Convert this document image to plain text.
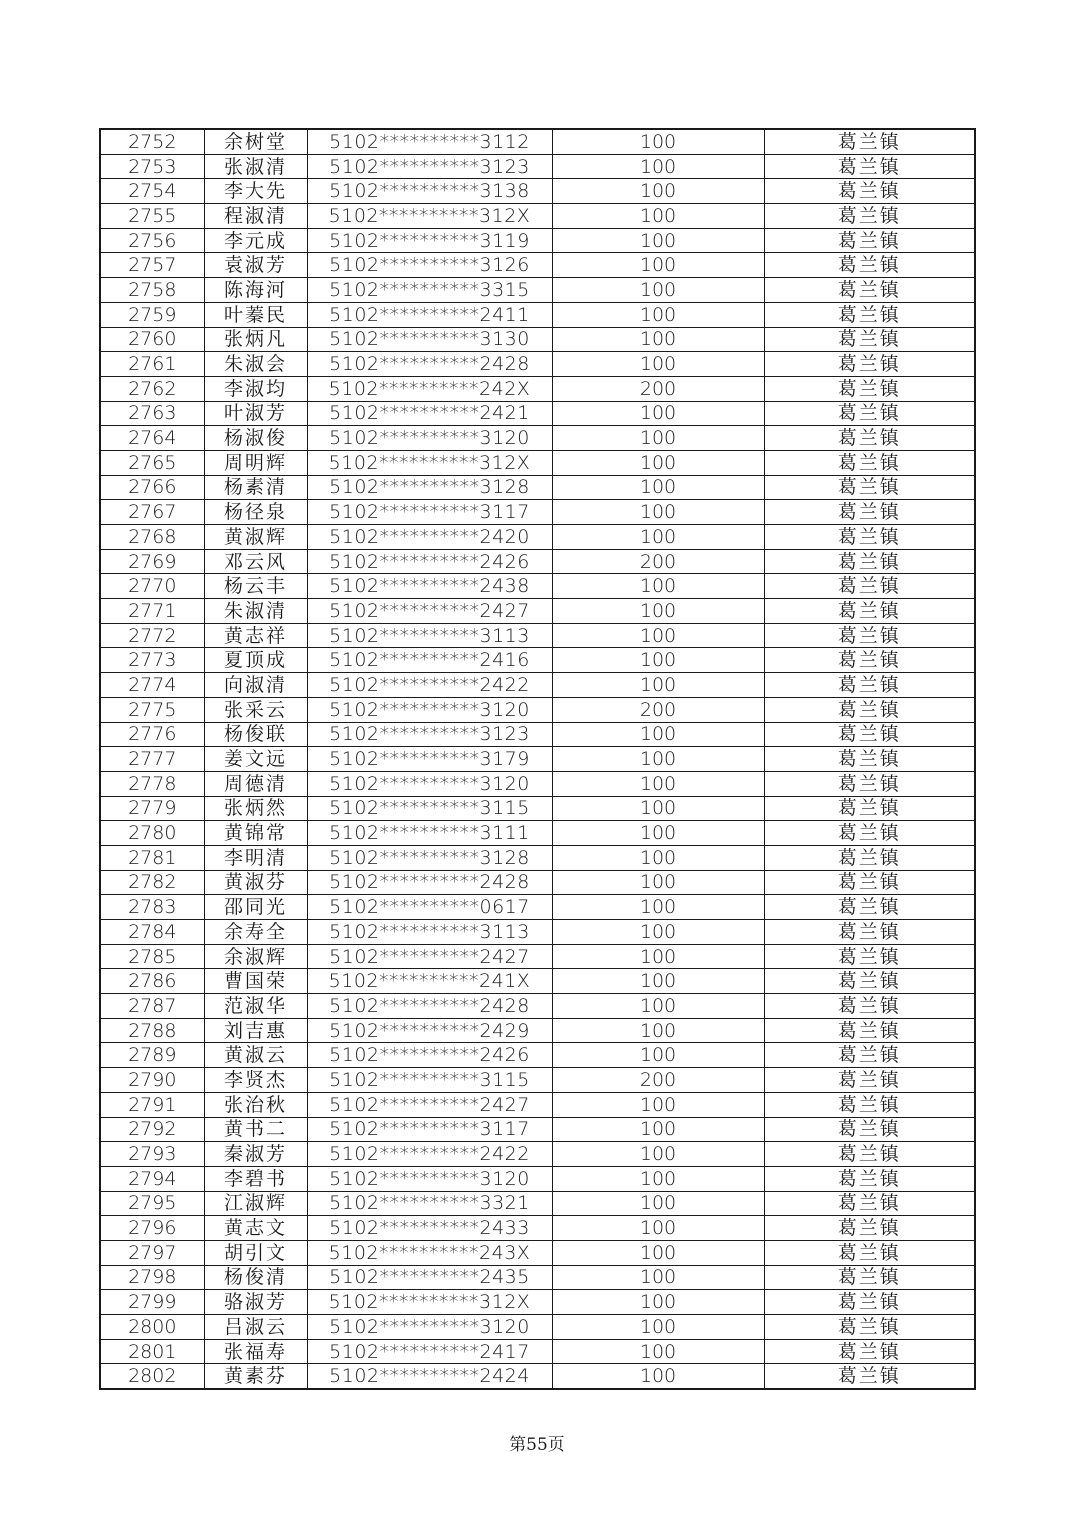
2752	余树堂	5102**********3112	100	葛兰镇
2753	张淑清	5102**********3123	100	葛兰镇
2754	李大先	5102**********3138	100	葛兰镇
2755	程淑清	5102**********312X	100	葛兰镇
2756	李元成	5102**********3119	100	葛兰镇
2757	袁淑芳	5102**********3126	100	葛兰镇
2758	陈海河	5102**********3315	100	葛兰镇
2759	叶蓁民	5102**********2411	100	葛兰镇
2760	张炳凡	5102**********3130	100	葛兰镇
2761	朱淑会	5102**********2428	100	葛兰镇
2762	李淑均	5102**********242X	200	葛兰镇
2763	叶淑芳	5102**********2421	100	葛兰镇
2764	杨淑俊	5102**********3120	100	葛兰镇
2765	周明辉	5102**********312X	100	葛兰镇
2766	杨素清	5102**********3128	100	葛兰镇
2767	杨径泉	5102**********3117	100	葛兰镇
2768	黄淑辉	5102**********2420	100	葛兰镇
2769	邓云风	5102**********2426	200	葛兰镇
2770	杨云丰	5102**********2438	100	葛兰镇
2771	朱淑清	5102**********2427	100	葛兰镇
2772	黄志祥	5102**********3113	100	葛兰镇
2773	夏顶成	5102**********2416	100	葛兰镇
2774	向淑清	5102**********2422	100	葛兰镇
2775	张采云	5102**********3120	200	葛兰镇
2776	杨俊联	5102**********3123	100	葛兰镇
2777	姜文远	5102**********3179	100	葛兰镇
2778	周德清	5102**********3120	100	葛兰镇
2779	张炳然	5102**********3115	100	葛兰镇
2780	黄锦常	5102**********3111	100	葛兰镇
2781	李明清	5102**********3128	100	葛兰镇
2782	黄淑芬	5102**********2428	100	葛兰镇
2783	邵同光	5102**********0617	100	葛兰镇
2784	余寿全	5102**********3113	100	葛兰镇
2785	余淑辉	5102**********2427	100	葛兰镇
2786	曹国荣	5102**********241X	100	葛兰镇
2787	范淑华	5102**********2428	100	葛兰镇
2788	刘吉惠	5102**********2429	100	葛兰镇
2789	黄淑云	5102**********2426	100	葛兰镇
2790	李贤杰	5102**********3115	200	葛兰镇
2791	张治秋	5102**********2427	100	葛兰镇
2792	黄书二	5102**********3117	100	葛兰镇
2793	秦淑芳	5102**********2422	100	葛兰镇
2794	李碧书	5102**********3120	100	葛兰镇
2795	江淑辉	5102**********3321	100	葛兰镇
2796	黄志文	5102**********2433	100	葛兰镇
2797	胡引文	5102**********243X	100	葛兰镇
2798	杨俊清	5102**********2435	100	葛兰镇
2799	骆淑芳	5102**********312X	100	葛兰镇
2800	吕淑云	5102**********3120	100	葛兰镇
2801	张福寿	5102**********2417	100	葛兰镇
2802	黄素芬	5102**********2424	100	葛兰镇
第55页
